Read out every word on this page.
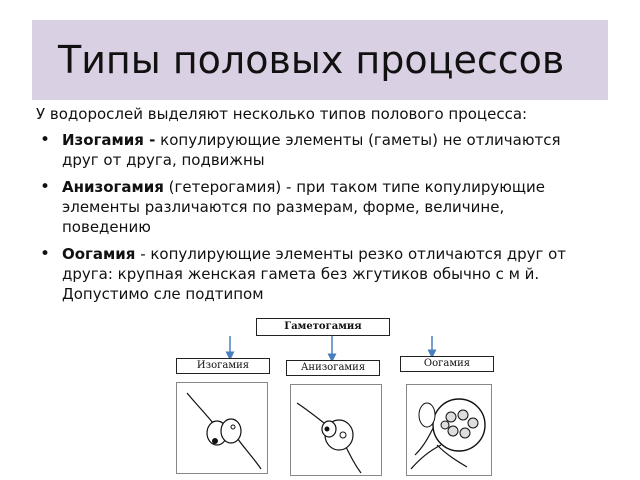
Типы половых процессов

У водорослей выделяют несколько типов полового процесса:

• Изогамия - копулирующие элементы (гаметы) не отличаются друг от друга, подвижны
• Анизогамия (гетерогамия) - при таком типе копулирующие элементы различаются по размерам, форме, величине, поведению
• Оогамия - копулирующие элементы резко отличаются друг от друга: крупная женская гамета без жгутиков обычно с м й. Допустимо сле подтипом
Гаметогамия
Изогамия	Анизогамия	Оогамия
